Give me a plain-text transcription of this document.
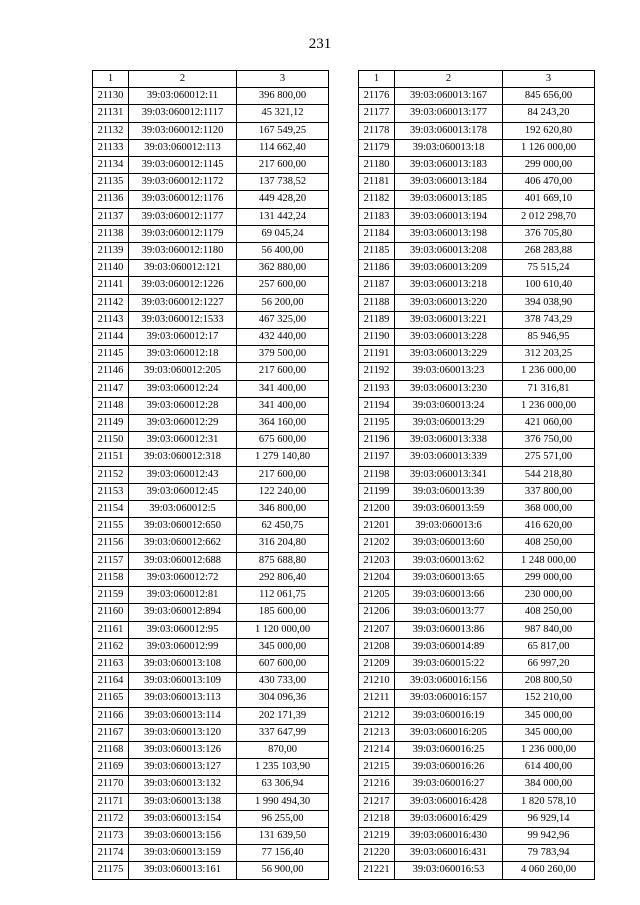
231
1	2	3
21130	39:03:060012:11	396 800,00
21131	39:03:060012:1117	45 321,12
21132	39:03:060012:1120	167 549,25
21133	39:03:060012:113	114 662,40
21134	39:03:060012:1145	217 600,00
21135	39:03:060012:1172	137 738,52
21136	39:03:060012:1176	449 428,20
21137	39:03:060012:1177	131 442,24
21138	39:03:060012:1179	69 045,24
21139	39:03:060012:1180	56 400,00
21140	39:03:060012:121	362 880,00
21141	39:03:060012:1226	257 600,00
21142	39:03:060012:1227	56 200,00
21143	39:03:060012:1533	467 325,00
21144	39:03:060012:17	432 440,00
21145	39:03:060012:18	379 500,00
21146	39:03:060012:205	217 600,00
21147	39:03:060012:24	341 400,00
21148	39:03:060012:28	341 400,00
21149	39:03:060012:29	364 160,00
21150	39:03:060012:31	675 600,00
21151	39:03:060012:318	1 279 140,80
21152	39:03:060012:43	217 600,00
21153	39:03:060012:45	122 240,00
21154	39:03:060012:5	346 800,00
21155	39:03:060012:650	62 450,75
21156	39:03:060012:662	316 204,80
21157	39:03:060012:688	875 688,80
21158	39:03:060012:72	292 806,40
21159	39:03:060012:81	112 061,75
21160	39:03:060012:894	185 600,00
21161	39:03:060012:95	1 120 000,00
21162	39:03:060012:99	345 000,00
21163	39:03:060013:108	607 600,00
21164	39:03:060013:109	430 733,00
21165	39:03:060013:113	304 096,36
21166	39:03:060013:114	202 171,39
21167	39:03:060013:120	337 647,99
21168	39:03:060013:126	870,00
21169	39:03:060013:127	1 235 103,90
21170	39:03:060013:132	63 306,94
21171	39:03:060013:138	1 990 494,30
21172	39:03:060013:154	96 255,00
21173	39:03:060013:156	131 639,50
21174	39:03:060013:159	77 156,40
21175	39:03:060013:161	56 900,00
1	2	3
21176	39:03:060013:167	845 656,00
21177	39:03:060013:177	84 243,20
21178	39:03:060013:178	192 620,80
21179	39:03:060013:18	1 126 000,00
21180	39:03:060013:183	299 000,00
21181	39:03:060013:184	406 470,00
21182	39:03:060013:185	401 669,10
21183	39:03:060013:194	2 012 298,70
21184	39:03:060013:198	376 705,80
21185	39:03:060013:208	268 283,88
21186	39:03:060013:209	75 515,24
21187	39:03:060013:218	100 610,40
21188	39:03:060013:220	394 038,90
21189	39:03:060013:221	378 743,29
21190	39:03:060013:228	85 946,95
21191	39:03:060013:229	312 203,25
21192	39:03:060013:23	1 236 000,00
21193	39:03:060013:230	71 316,81
21194	39:03:060013:24	1 236 000,00
21195	39:03:060013:29	421 060,00
21196	39:03:060013:338	376 750,00
21197	39:03:060013:339	275 571,00
21198	39:03:060013:341	544 218,80
21199	39:03:060013:39	337 800,00
21200	39:03:060013:59	368 000,00
21201	39:03:060013:6	416 620,00
21202	39:03:060013:60	408 250,00
21203	39:03:060013:62	1 248 000,00
21204	39:03:060013:65	299 000,00
21205	39:03:060013:66	230 000,00
21206	39:03:060013:77	408 250,00
21207	39:03:060013:86	987 840,00
21208	39:03:060014:89	65 817,00
21209	39:03:060015:22	66 997,20
21210	39:03:060016:156	208 800,50
21211	39:03:060016:157	152 210,00
21212	39:03:060016:19	345 000,00
21213	39:03:060016:205	345 000,00
21214	39:03:060016:25	1 236 000,00
21215	39:03:060016:26	614 400,00
21216	39:03:060016:27	384 000,00
21217	39:03:060016:428	1 820 578,10
21218	39:03:060016:429	96 929,14
21219	39:03:060016:430	99 942,96
21220	39:03:060016:431	79 783,94
21221	39:03:060016:53	4 060 260,00
